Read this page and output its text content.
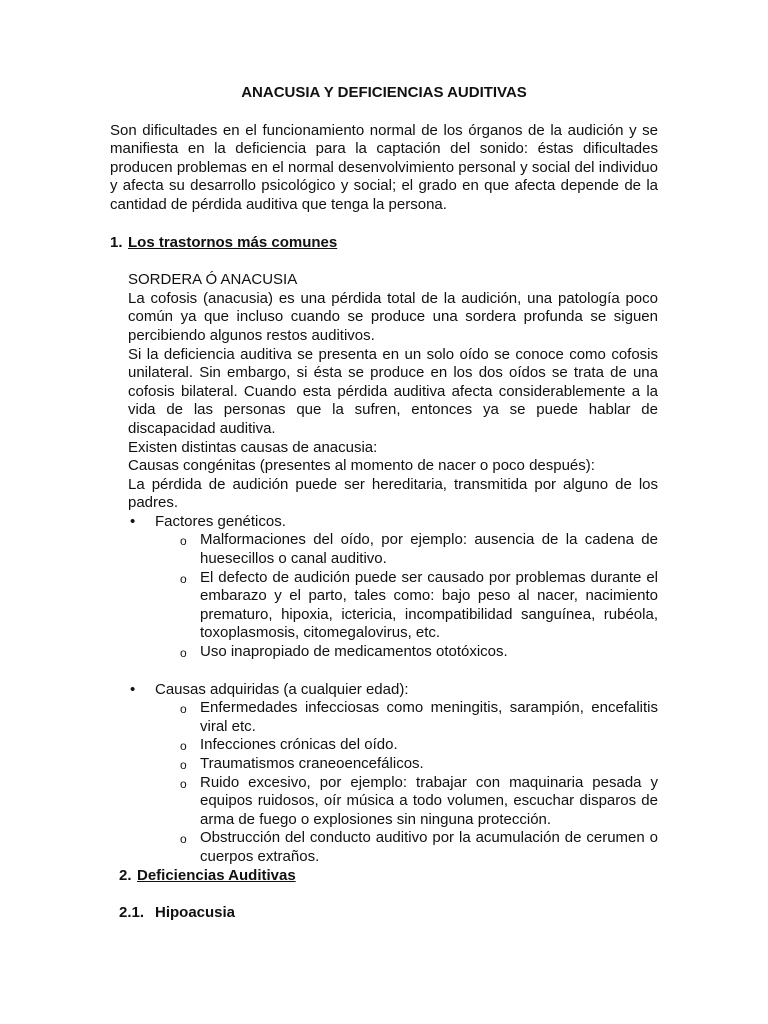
ANACUSIA Y DEFICIENCIAS AUDITIVAS

Son dificultades en el funcionamiento normal de los órganos de la audición y se manifiesta en la deficiencia para la captación del sonido: éstas dificultades producen problemas en el normal desenvolvimiento personal y social del individuo y afecta su desarrollo psicológico y social; el grado en que afecta depende de la cantidad de pérdida auditiva que tenga la persona.

1. Los trastornos más comunes

SORDERA Ó ANACUSIA

La cofosis (anacusia) es una pérdida total de la audición, una patología poco común ya que incluso cuando se produce una sordera profunda se siguen percibiendo algunos restos auditivos.

Si la deficiencia auditiva se presenta en un solo oído se conoce como cofosis unilateral. Sin embargo, si ésta se produce en los dos oídos se trata de una cofosis bilateral. Cuando esta pérdida auditiva afecta considerablemente a la vida de las personas que la sufren, entonces ya se puede hablar de discapacidad auditiva.

Existen distintas causas de anacusia:

Causas congénitas (presentes al momento de nacer o poco después):

La pérdida de audición puede ser hereditaria, transmitida por alguno de los padres.

• Factores genéticos.
o Malformaciones del oído, por ejemplo: ausencia de la cadena de huesecillos o canal auditivo.
o El defecto de audición puede ser causado por problemas durante el embarazo y el parto, tales como: bajo peso al nacer, nacimiento prematuro, hipoxia, ictericia, incompatibilidad sanguínea, rubéola, toxoplasmosis, citomegalovirus, etc.
o Uso inapropiado de medicamentos ototóxicos.
• Causas adquiridas (a cualquier edad):
o Enfermedades infecciosas como meningitis, sarampión, encefalitis viral etc.
o Infecciones crónicas del oído.
o Traumatismos craneoencefálicos.
o Ruido excesivo, por ejemplo: trabajar con maquinaria pesada y equipos ruidosos, oír música a todo volumen, escuchar disparos de arma de fuego o explosiones sin ninguna protección.
o Obstrucción del conducto auditivo por la acumulación de cerumen o cuerpos extraños.

2. Deficiencias Auditivas

2.1. Hipoacusia
